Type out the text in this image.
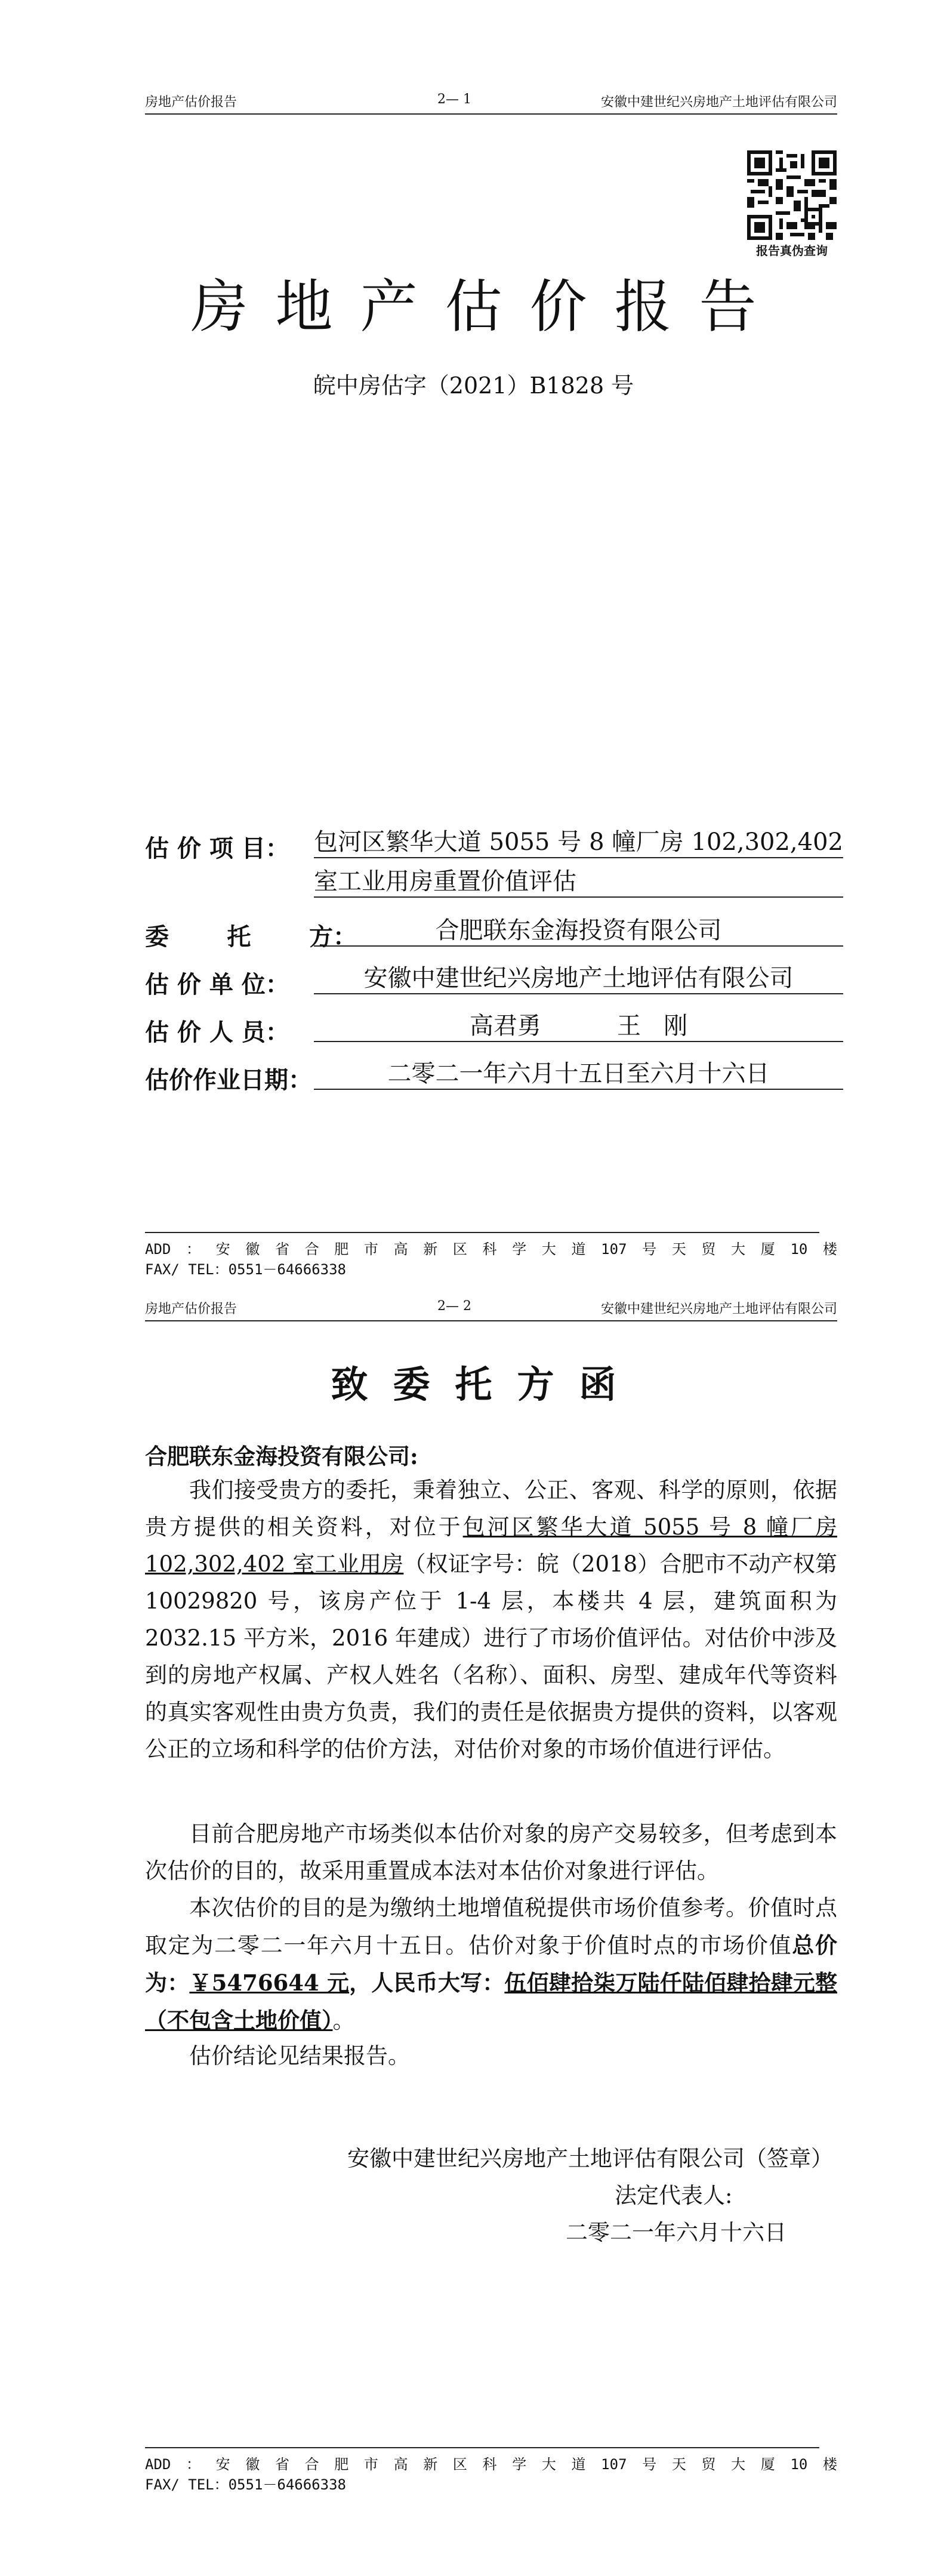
房地产估价报告	2— 1	安徽中建世纪兴房地产土地评估有限公司
报告真伪查询
房地产估价报告
皖中房估字（2021）B1828 号
估 价 项 目： 包河区繁华大道 5055 号 8 幢厂房 102,302,402
室工业用房重置价值评估
委       托       方：	合肥联东金海投资有限公司
估 价 单 位：	安徽中建世纪兴房地产土地评估有限公司
估 价 人 员：	高君勇          王   刚
估价作业日期：	二零二一年六月十五日至六月十六日
ADD：安徽省合肥市高新区科学大道107号天贸大厦10楼
FAX/ TEL：0551－64666338
房地产估价报告	2— 2	安徽中建世纪兴房地产土地评估有限公司
致委托方函
合肥联东金海投资有限公司:
我们接受贵方的委托，秉着独立、公正、客观、科学的原则，依据贵方提供的相关资料，对位于包河区繁华大道 5055 号 8 幢厂房 102,302,402 室工业用房（权证字号：皖（2018）合肥市不动产权第 10029820 号，该房产位于 1-4 层，本楼共 4 层，建筑面积为 2032.15 平方米，2016 年建成）进行了市场价值评估。对估价中涉及到的房地产权属、产权人姓名（名称）、面积、房型、建成年代等资料的真实客观性由贵方负责，我们的责任是依据贵方提供的资料，以客观公正的立场和科学的估价方法，对估价对象的市场价值进行评估。
目前合肥房地产市场类似本估价对象的房产交易较多，但考虑到本次估价的目的，故采用重置成本法对本估价对象进行评估。
本次估价的目的是为缴纳土地增值税提供市场价值参考。价值时点取定为二零二一年六月十五日。估价对象于价值时点的市场价值总价为：￥5476644 元，人民币大写：伍佰肆拾柒万陆仟陆佰肆拾肆元整（不包含土地价值）。
估价结论见结果报告。
安徽中建世纪兴房地产土地评估有限公司（签章）
法定代表人:
二零二一年六月十六日
ADD：安徽省合肥市高新区科学大道107号天贸大厦10楼
FAX/ TEL：0551－64666338
